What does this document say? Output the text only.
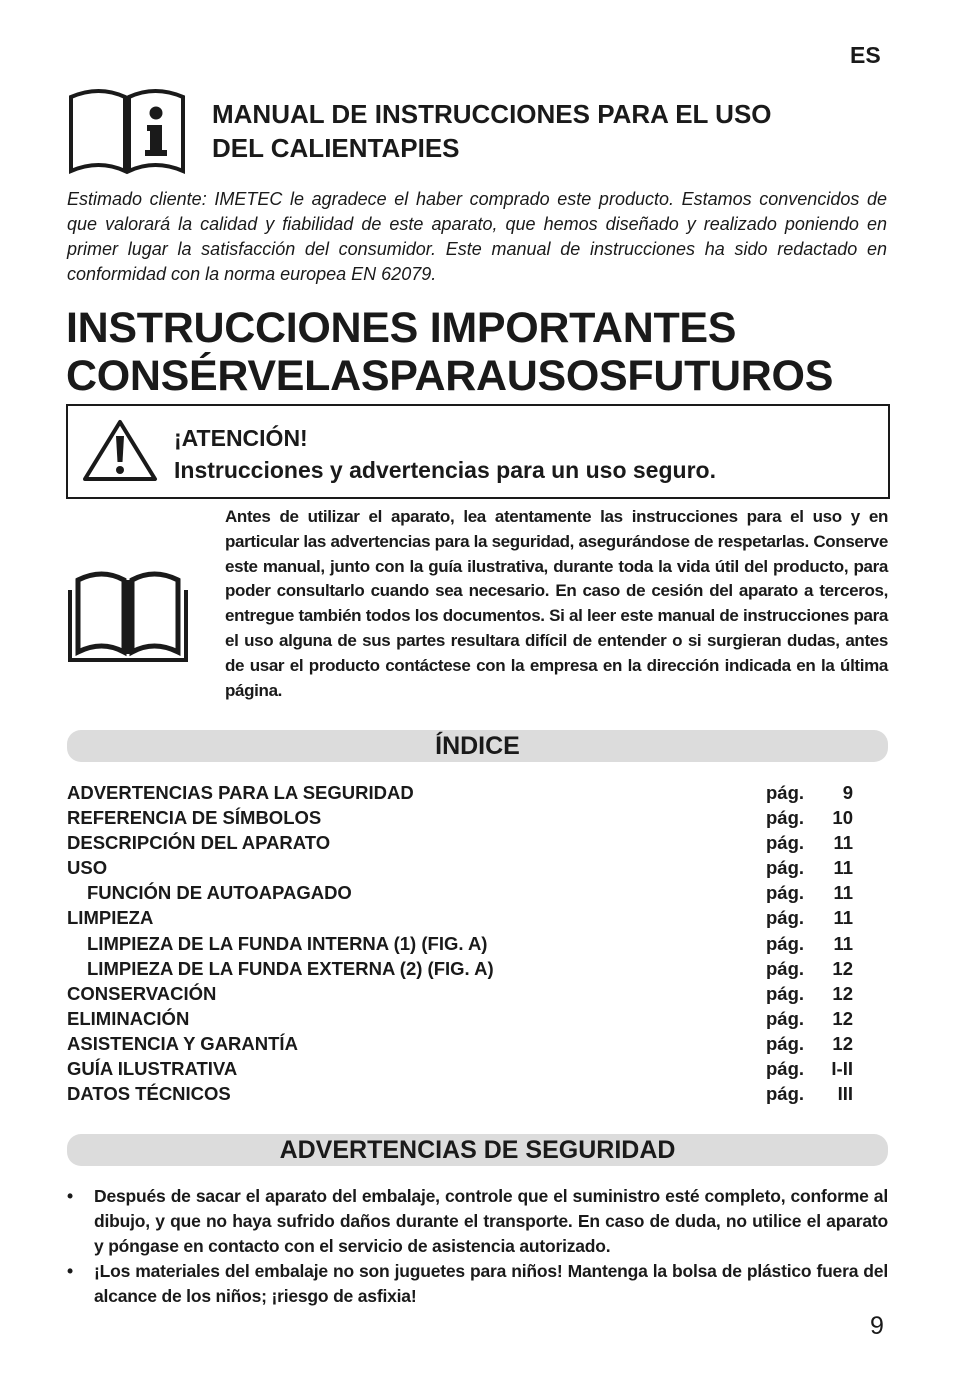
ES
MANUAL DE INSTRUCCIONES PARA EL USO
DEL CALIENTAPIES
Estimado cliente: IMETEC le agradece el haber comprado este producto. Estamos convencidos de que valorará la calidad y fiabilidad de este aparato, que hemos diseñado y realizado poniendo en primer lugar la satisfacción del consumidor. Este manual de instrucciones ha sido redactado en conformidad con la norma europea EN 62079.
INSTRUCCIONES IMPORTANTES
CONSÉRVELASPARAUSOSFUTUROS
¡ATENCIÓN!
Instrucciones y advertencias para un uso seguro.
Antes de utilizar el aparato, lea atentamente las instrucciones para el uso y en particular las advertencias para la seguridad, asegurándose de respetarlas. Conserve este manual, junto con la guía ilustrativa, durante toda la vida útil del producto, para poder consultarlo cuando sea necesario. En caso de cesión del aparato a terceros, entregue también todos los documentos. Si al leer este manual de instrucciones para el uso alguna de sus partes resultara difícil de entender o si surgieran dudas, antes de usar el producto contáctese con la empresa en la dirección indicada en la última página.
ÍNDICE
ADVERTENCIAS PARA LA SEGURIDAD	pág. 9
REFERENCIA DE SÍMBOLOS	pág. 10
DESCRIPCIÓN DEL APARATO	pág. 11
USO	pág. 11
FUNCIÓN DE AUTOAPAGADO	pág. 11
LIMPIEZA	pág. 11
LIMPIEZA DE LA FUNDA INTERNA (1) (FIG. A)	pág. 11
LIMPIEZA DE LA FUNDA EXTERNA (2) (FIG. A)	pág. 12
CONSERVACIÓN	pág. 12
ELIMINACIÓN	pág. 12
ASISTENCIA Y GARANTÍA	pág. 12
GUÍA ILUSTRATIVA	pág. I-II
DATOS TÉCNICOS	pág. III
ADVERTENCIAS DE SEGURIDAD
• Después de sacar el aparato del embalaje, controle que el suministro esté completo, conforme al dibujo, y que no haya sufrido daños durante el transporte. En caso de duda, no utilice el aparato y póngase en contacto con el servicio de asistencia autorizado.
• ¡Los materiales del embalaje no son juguetes para niños! Mantenga la bolsa de plástico fuera del alcance de los niños; ¡riesgo de asfixia!
9
